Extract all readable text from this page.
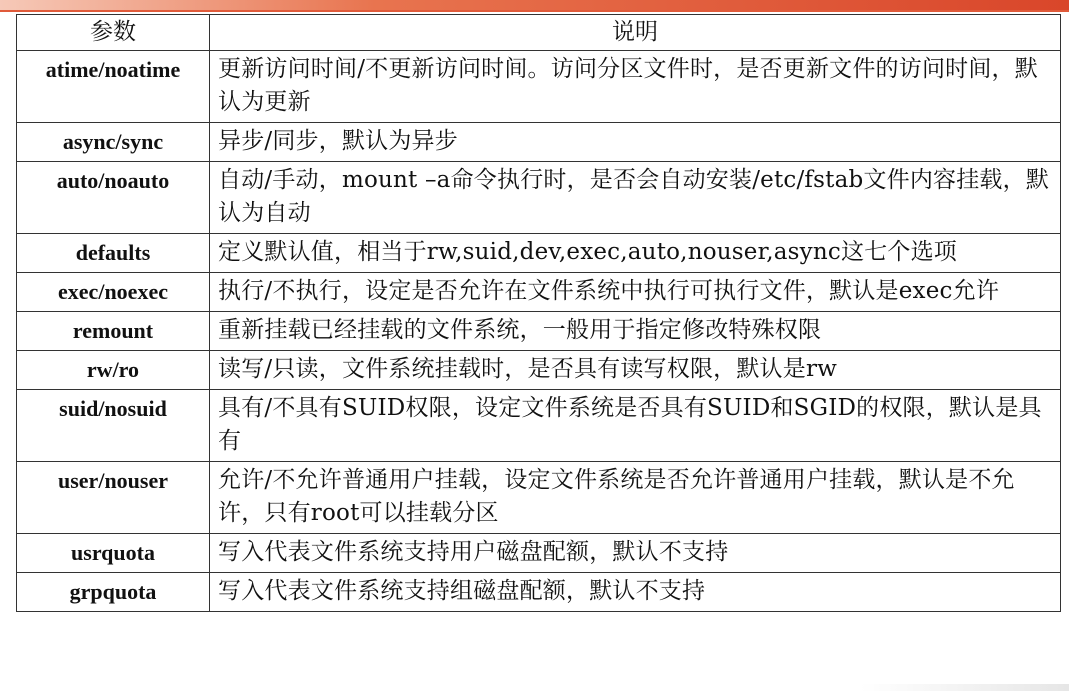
参数	说明
atime/noatime	更新访问时间/不更新访问时间。访问分区文件时，是否更新文件的访问时间，默认为更新
async/sync	异步/同步，默认为异步
auto/noauto	自动/手动，mount –a命令执行时，是否会自动安装/etc/fstab文件内容挂载，默认为自动
defaults	定义默认值，相当于rw,suid,dev,exec,auto,nouser,async这七个选项
exec/noexec	执行/不执行，设定是否允许在文件系统中执行可执行文件，默认是exec允许
remount	重新挂载已经挂载的文件系统，一般用于指定修改特殊权限
rw/ro	读写/只读，文件系统挂载时，是否具有读写权限，默认是rw
suid/nosuid	具有/不具有SUID权限，设定文件系统是否具有SUID和SGID的权限，默认是具有
user/nouser	允许/不允许普通用户挂载，设定文件系统是否允许普通用户挂载，默认是不允许，只有root可以挂载分区
usrquota	写入代表文件系统支持用户磁盘配额，默认不支持
grpquota	写入代表文件系统支持组磁盘配额，默认不支持
